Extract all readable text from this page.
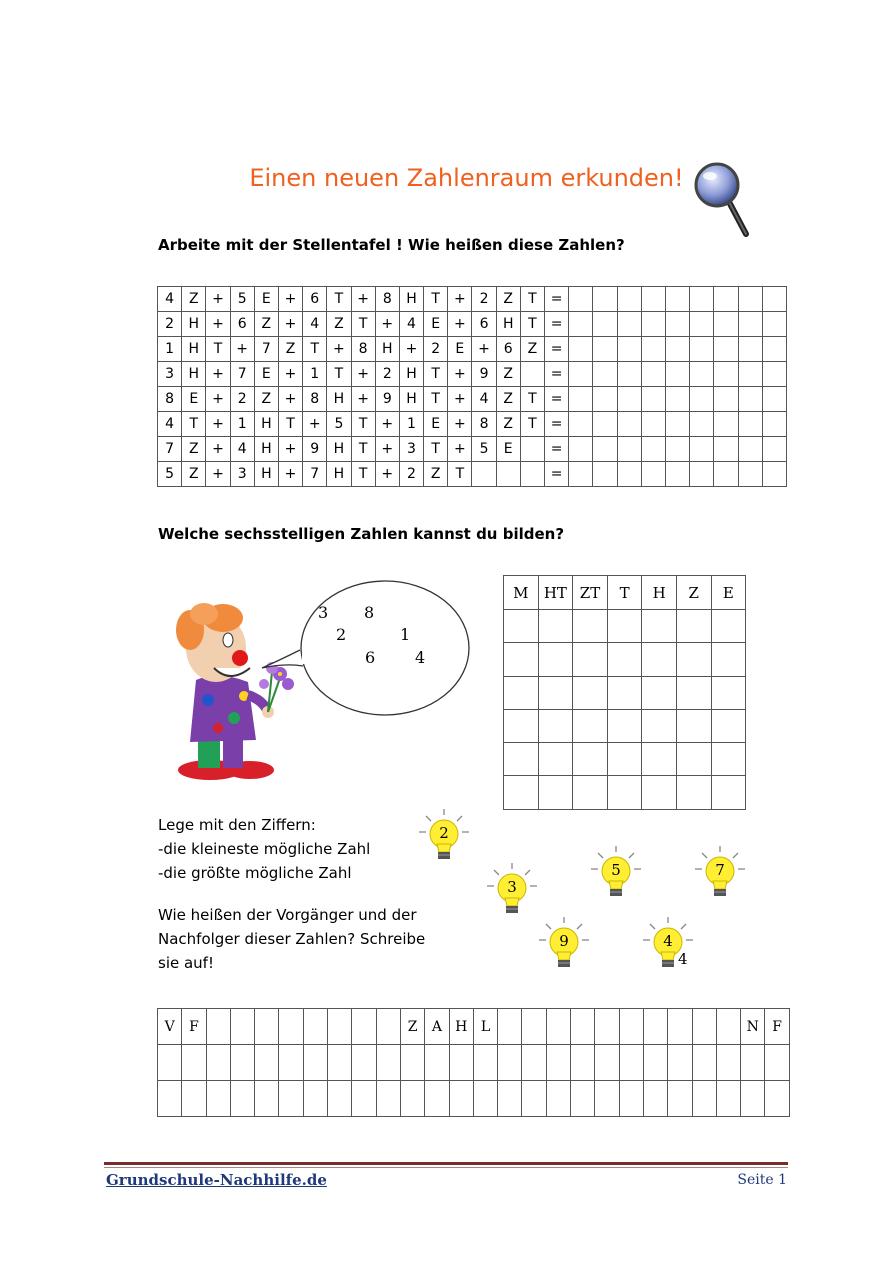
Einen neuen Zahlenraum erkunden!
Arbeite mit der Stellentafel ! Wie heißen diese Zahlen?
4	Z	+	5	E	+	6	T	+	8	H	T	+	2	Z	T	=									
2	H	+	6	Z	+	4	Z	T	+	4	E	+	6	H	T	=									
1	H	T	+	7	Z	T	+	8	H	+	2	E	+	6	Z	=									
3	H	+	7	E	+	1	T	+	2	H	T	+	9	Z		=									
8	E	+	2	Z	+	8	H	+	9	H	T	+	4	Z	T	=									
4	T	+	1	H	T	+	5	T	+	1	E	+	8	Z	T	=									
7	Z	+	4	H	+	9	H	T	+	3	T	+	5	E		=									
5	Z	+	3	H	+	7	H	T	+	2	Z	T				=									
Welche sechsstelligen Zahlen kannst du bilden?
3 8
2	1
6 4
M	HT	ZT	T	H	Z	E

Lege mit den Ziffern:
-die kleineste mögliche Zahl
-die größte mögliche Zahl
Wie heißen der Vorgänger und der
Nachfolger dieser Zahlen? Schreibe
sie auf!
2
3
5	7
9	4
4
V	F									Z	A	H	L											N	F

Grundschule-Nachhilfe.de	Seite 1
